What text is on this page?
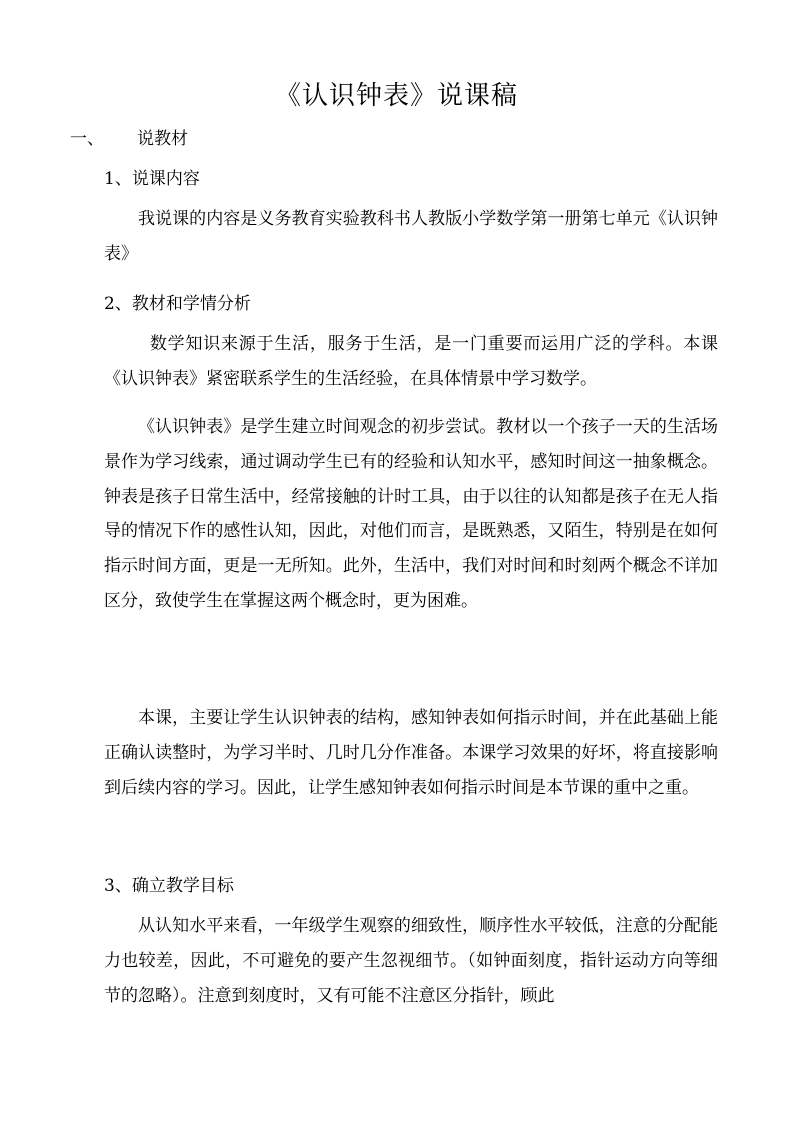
《认识钟表》说课稿
一、 说教材
1、说课内容
我说课的内容是义务教育实验教科书人教版小学数学第一册第七单元《认识钟表》
2、教材和学情分析
数学知识来源于生活，服务于生活，是一门重要而运用广泛的学科。本课《认识钟表》紧密联系学生的生活经验，在具体情景中学习数学。
《认识钟表》是学生建立时间观念的初步尝试。教材以一个孩子一天的生活场景作为学习线索，通过调动学生已有的经验和认知水平，感知时间这一抽象概念。钟表是孩子日常生活中，经常接触的计时工具，由于以往的认知都是孩子在无人指导的情况下作的感性认知，因此，对他们而言，是既熟悉，又陌生，特别是在如何指示时间方面，更是一无所知。此外，生活中，我们对时间和时刻两个概念不详加区分，致使学生在掌握这两个概念时，更为困难。
本课，主要让学生认识钟表的结构，感知钟表如何指示时间，并在此基础上能正确认读整时，为学习半时、几时几分作准备。本课学习效果的好坏，将直接影响到后续内容的学习。因此，让学生感知钟表如何指示时间是本节课的重中之重。
3、确立教学目标
从认知水平来看，一年级学生观察的细致性，顺序性水平较低，注意的分配能力也较差，因此，不可避免的要产生忽视细节。（如钟面刻度，指针运动方向等细节的忽略）。注意到刻度时，又有可能不注意区分指针，顾此
